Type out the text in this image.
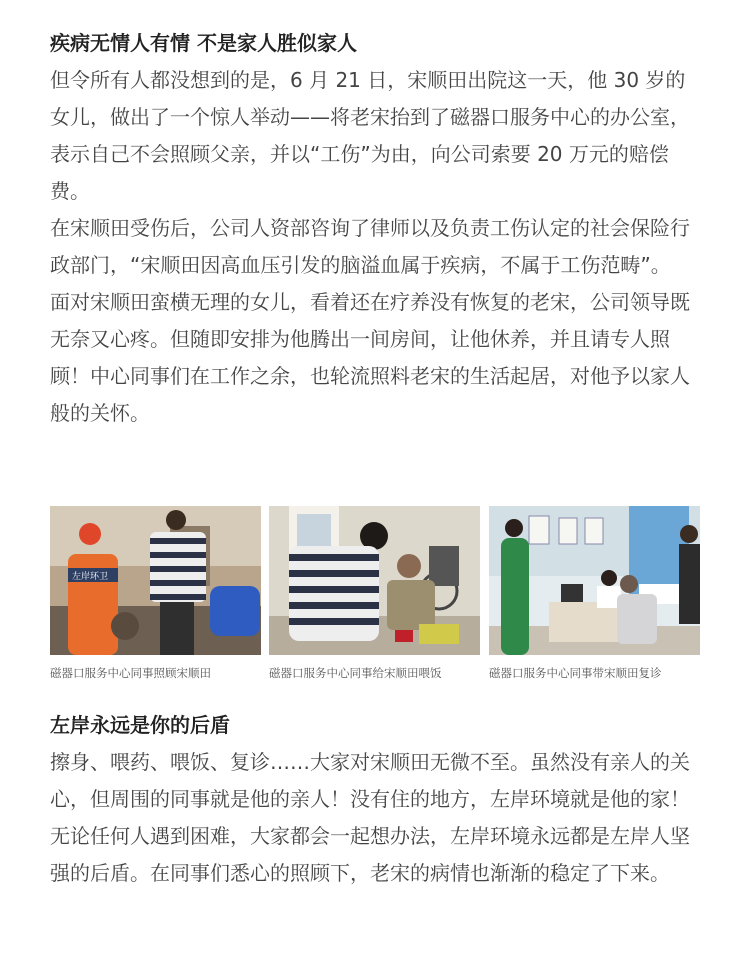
疾病无情人有情 不是家人胜似家人

但令所有人都没想到的是，6 月 21 日，宋顺田出院这一天，他 30 岁的女儿，做出了一个惊人举动——将老宋抬到了磁器口服务中心的办公室，表示自己不会照顾父亲，并以“工伤”为由，向公司索要 20 万元的赔偿费。

在宋顺田受伤后，公司人资部咨询了律师以及负责工伤认定的社会保险行政部门，“宋顺田因高血压引发的脑溢血属于疾病，不属于工伤范畴”。

面对宋顺田蛮横无理的女儿，看着还在疗养没有恢复的老宋，公司领导既无奈又心疼。但随即安排为他腾出一间房间，让他休养，并且请专人照顾！中心同事们在工作之余，也轮流照料老宋的生活起居，对他予以家人般的关怀。

左岸环卫
磁器口服务中心同事照顾宋顺田	磁器口服务中心同事给宋顺田喂饭	磁器口服务中心同事带宋顺田复诊
左岸永远是你的后盾

擦身、喂药、喂饭、复诊……大家对宋顺田无微不至。虽然没有亲人的关心，但周围的同事就是他的亲人！没有住的地方，左岸环境就是他的家！无论任何人遇到困难，大家都会一起想办法，左岸环境永远都是左岸人坚强的后盾。在同事们悉心的照顾下，老宋的病情也渐渐的稳定了下来。
